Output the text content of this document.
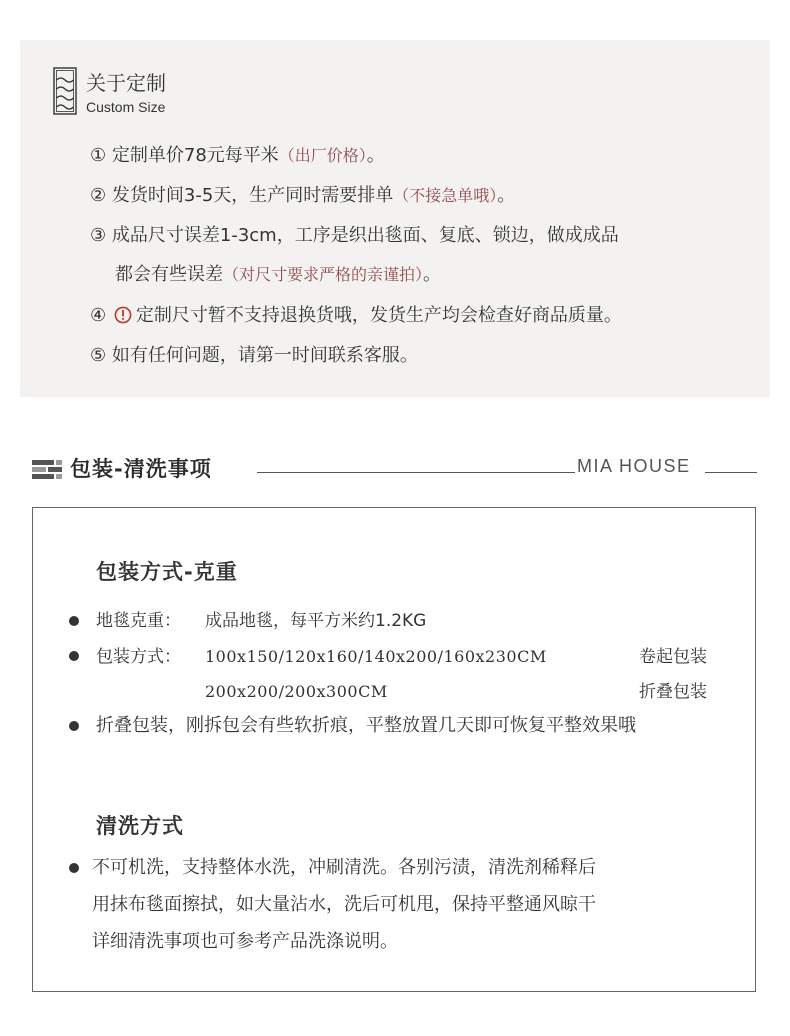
关于定制
Custom Size
① 定制单价78元每平米（出厂价格）。
② 发货时间3-5天，生产同时需要排单（不接急单哦）。
③ 成品尺寸误差1-3cm，工序是织出毯面、复底、锁边，做成成品
都会有些误差（对尺寸要求严格的亲谨拍）。
④ 定制尺寸暂不支持退换货哦，发货生产均会检查好商品质量。
⑤ 如有任何问题，请第一时间联系客服。
包装-清洗事项	MIA HOUSE
包装方式-克重
地毯克重： 成品地毯，每平方米约1.2KG
包装方式： 100x150/120x160/140x200/160x230CM	卷起包装
200x200/200x300CM	折叠包装
折叠包装，刚拆包会有些软折痕，平整放置几天即可恢复平整效果哦
清洗方式
不可机洗，支持整体水洗，冲刷清洗。各别污渍，清洗剂稀释后
用抹布毯面擦拭，如大量沾水，洗后可机甩，保持平整通风晾干
详细清洗事项也可参考产品洗涤说明。
